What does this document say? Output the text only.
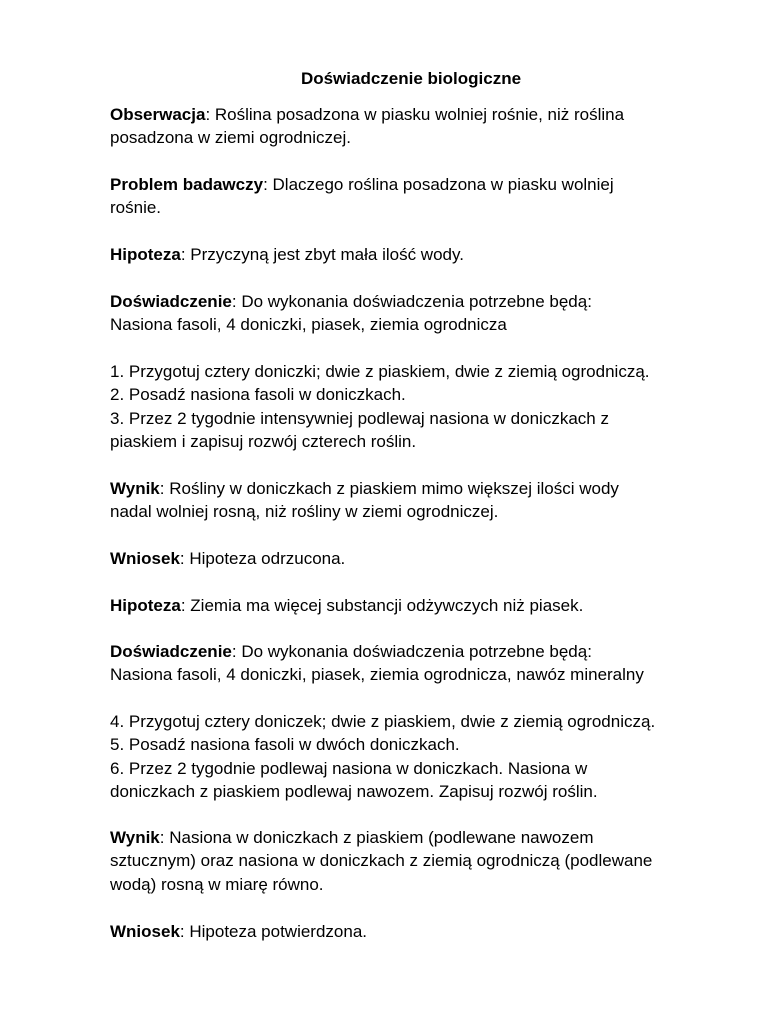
Doświadczenie biologiczne

Obserwacja: Roślina posadzona w piasku wolniej rośnie, niż roślina
posadzona w ziemi ogrodniczej.

Problem badawczy: Dlaczego roślina posadzona w piasku wolniej
rośnie.

Hipoteza: Przyczyną jest zbyt mała ilość wody.

Doświadczenie: Do wykonania doświadczenia potrzebne będą:
Nasiona fasoli, 4 doniczki, piasek, ziemia ogrodnicza

1. Przygotuj cztery doniczki; dwie z piaskiem, dwie z ziemią ogrodniczą.
2. Posadź nasiona fasoli w doniczkach.
3. Przez 2 tygodnie intensywniej podlewaj nasiona w doniczkach z
piaskiem i zapisuj rozwój czterech roślin.

Wynik: Rośliny w doniczkach z piaskiem mimo większej ilości wody
nadal wolniej rosną, niż rośliny w ziemi ogrodniczej.

Wniosek: Hipoteza odrzucona.

Hipoteza: Ziemia ma więcej substancji odżywczych niż piasek.

Doświadczenie: Do wykonania doświadczenia potrzebne będą:
Nasiona fasoli, 4 doniczki, piasek, ziemia ogrodnicza, nawóz mineralny

4. Przygotuj cztery doniczek; dwie z piaskiem, dwie z ziemią ogrodniczą.
5. Posadź nasiona fasoli w dwóch doniczkach.
6. Przez 2 tygodnie podlewaj nasiona w doniczkach. Nasiona w
doniczkach z piaskiem podlewaj nawozem. Zapisuj rozwój roślin.

Wynik: Nasiona w doniczkach z piaskiem (podlewane nawozem
sztucznym) oraz nasiona w doniczkach z ziemią ogrodniczą (podlewane
wodą) rosną w miarę równo.

Wniosek: Hipoteza potwierdzona.
